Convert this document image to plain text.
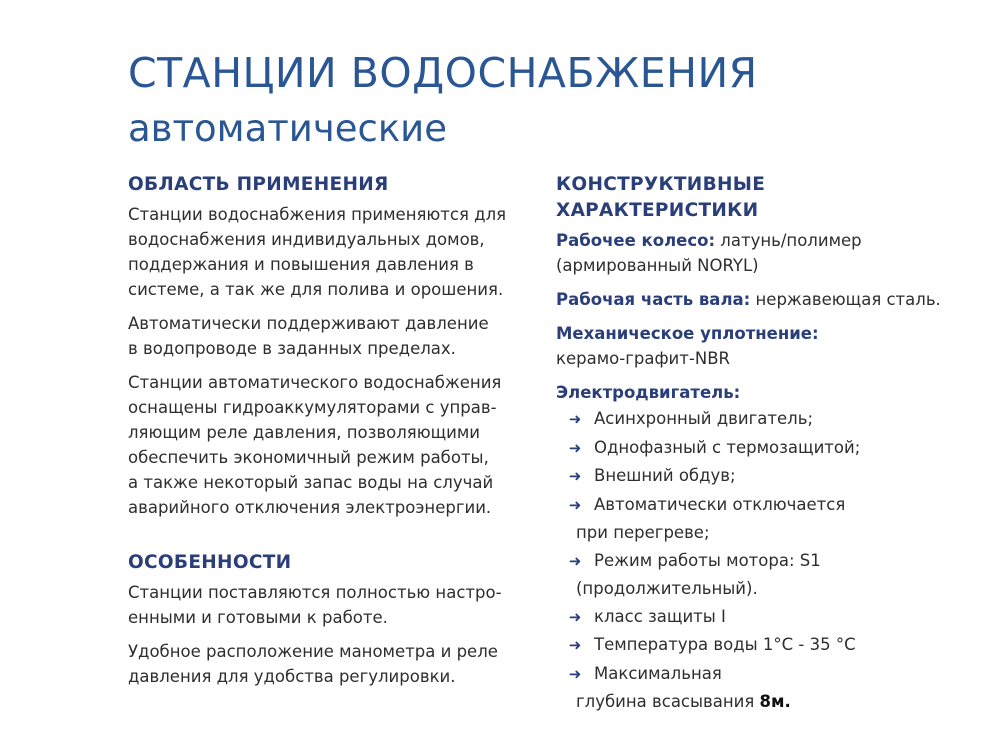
СТАНЦИИ ВОДОСНАБЖЕНИЯ
автоматические
ОБЛАСТЬ ПРИМЕНЕНИЯ

Станции водоснабжения применяются для
водоснабжения индивидуальных домов,
поддержания и повышения давления в
системе, а так же для полива и орошения.

Автоматически поддерживают давление
в водопроводе в заданных пределах.

Станции автоматического водоснабжения
оснащены гидроаккумуляторами с управ-
ляющим реле давления, позволяющими
обеспечить экономичный режим работы,
а также некоторый запас воды на случай
аварийного отключения электроэнергии.

ОСОБЕННОСТИ

Станции поставляются полностью настро-
енными и готовыми к работе.

Удобное расположение манометра и реле
давления для удобства регулировки.

КОНСТРУКТИВНЫЕ
ХАРАКТЕРИСТИКИ

Рабочее колесо: латунь/полимер
(армированный NORYL)

Рабочая часть вала: нержавеющая сталь.

Механическое уплотнение:
керамо-графит-NBR

Электродвигатель:

➜ Асинхронный двигатель;
➜ Однофазный с термозащитой;
➜ Внешний обдув;
➜ Автоматически отключается
при перегреве;
➜ Режим работы мотора: S1
(продолжительный).
➜ класс защиты I
➜ Температура воды 1°С - 35 °С
➜ Максимальная
глубина всасывания 8м.
